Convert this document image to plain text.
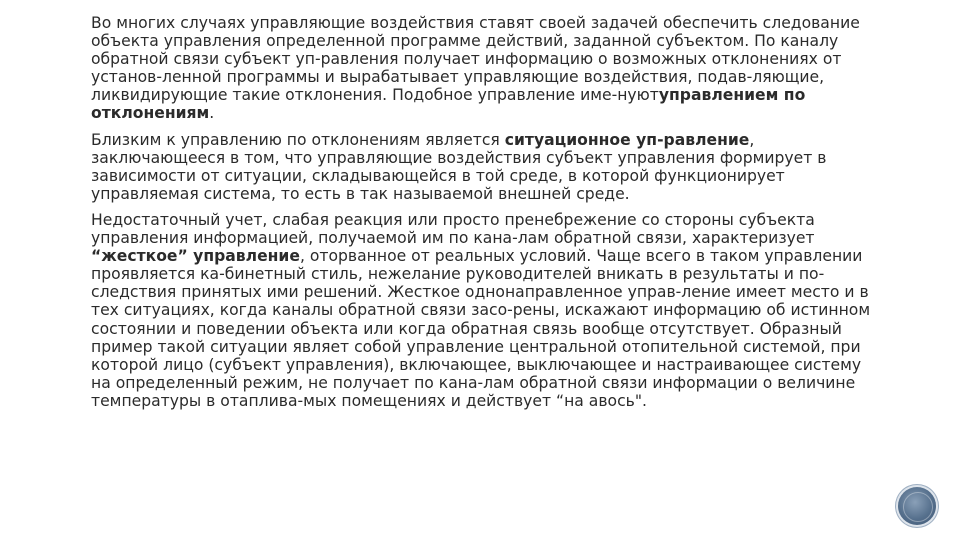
Во многих случаях управляющие воздействия ставят своей задачей обеспечить следование объекта управления определенной программе действий, заданной субъектом. По каналу обратной связи субъект уп-равления получает информацию о возможных отклонениях от установ-ленной программы и вырабатывает управляющие воздействия, подав-ляющие, ликвидирующие такие отклонения. Подобное управление име-нуютуправлением по отклонениям.

Близким к управлению по отклонениям является ситуационное уп-равление, заключающееся в том, что управляющие воздействия субъект управления формирует в зависимости от ситуации, складывающейся в той среде, в которой функционирует управляемая система, то есть в так называемой внешней среде.

Недостаточный учет, слабая реакция или просто пренебрежение со стороны субъекта управления информацией, получаемой им по кана-лам обратной связи, характеризует “жесткое” управление, оторванное от реальных условий. Чаще всего в таком управлении проявляется ка-бинетный стиль, нежелание руководителей вникать в результаты и по-следствия принятых ими решений. Жесткое однонаправленное управ-ление имеет место и в тех ситуациях, когда каналы обратной связи засо-рены, искажают информацию об истинном состоянии и поведении объекта или когда обратная связь вообще отсутствует. Образный пример такой ситуации являет собой управление центральной отопительной системой, при которой лицо (субъект управления), включающее, выключающее и настраивающее систему на определенный режим, не получает по кана-лам обратной связи информации о величине температуры в отаплива-мых помещениях и действует “на авось".
